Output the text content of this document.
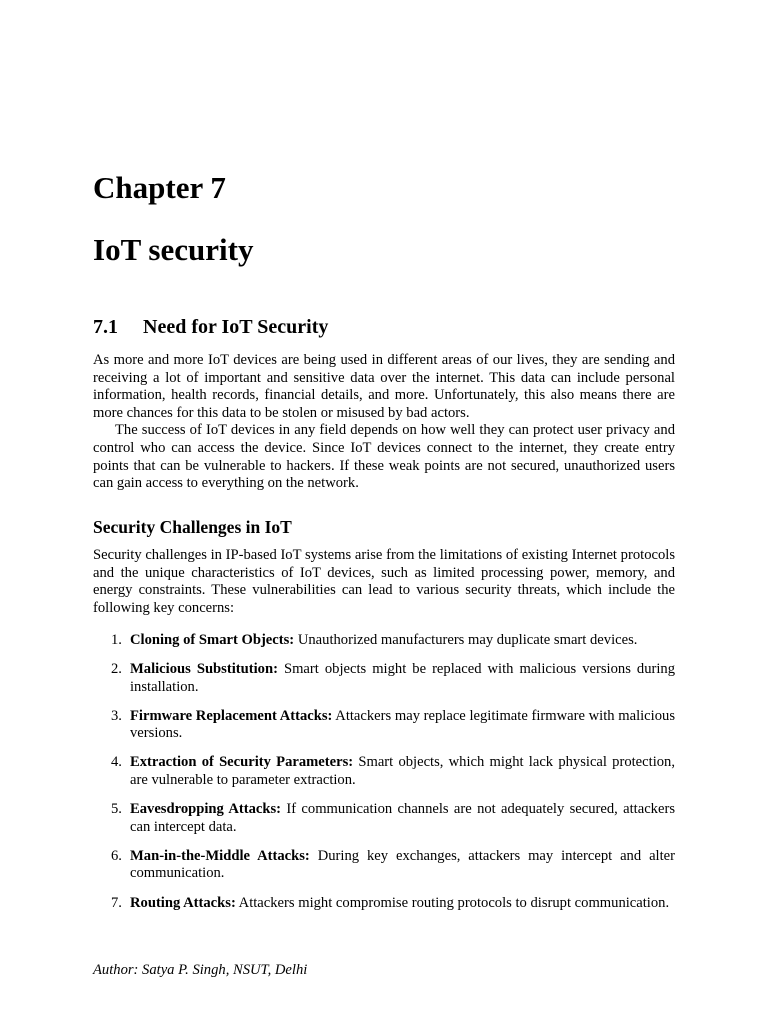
Chapter 7
IoT security
7.1 Need for IoT Security

As more and more IoT devices are being used in different areas of our lives, they are sending and receiving a lot of important and sensitive data over the internet. This data can include personal information, health records, financial details, and more. Unfortunately, this also means there are more chances for this data to be stolen or misused by bad actors.

The success of IoT devices in any field depends on how well they can protect user privacy and control who can access the device. Since IoT devices connect to the internet, they create entry points that can be vulnerable to hackers. If these weak points are not secured, unauthorized users can gain access to everything on the network.

Security Challenges in IoT

Security challenges in IP-based IoT systems arise from the limitations of existing Internet protocols and the unique characteristics of IoT devices, such as limited processing power, memory, and energy constraints. These vulnerabilities can lead to various security threats, which include the following key concerns:

1. Cloning of Smart Objects: Unauthorized manufacturers may duplicate smart devices.
2. Malicious Substitution: Smart objects might be replaced with malicious versions during installation.
3. Firmware Replacement Attacks: Attackers may replace legitimate firmware with malicious versions.
4. Extraction of Security Parameters: Smart objects, which might lack physical protection, are vulnerable to parameter extraction.
5. Eavesdropping Attacks: If communication channels are not adequately secured, attackers can intercept data.
6. Man-in-the-Middle Attacks: During key exchanges, attackers may intercept and alter communication.
7. Routing Attacks: Attackers might compromise routing protocols to disrupt communication.
Author: Satya P. Singh, NSUT, Delhi
